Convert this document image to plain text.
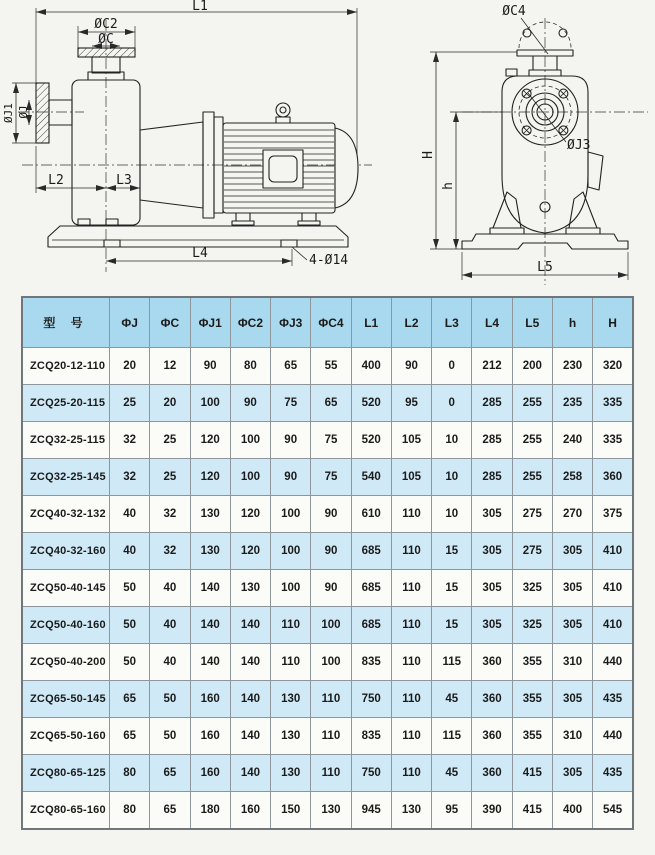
L1
ØC2
ØC
ØJ1 ØJ
L2	L3
L4	4-Ø14
ØC4
ØJ3
H
h
L5
型 号	ΦJ	ΦC	ΦJ1	ΦC2	ΦJ3	ΦC4	L1	L2	L3	L4	L5	h	H
ZCQ20-12-110	20	12	90	80	65	55	400	90	0	212	200	230	320
ZCQ25-20-115	25	20	100	90	75	65	520	95	0	285	255	235	335
ZCQ32-25-115	32	25	120	100	90	75	520	105	10	285	255	240	335
ZCQ32-25-145	32	25	120	100	90	75	540	105	10	285	255	258	360
ZCQ40-32-132	40	32	130	120	100	90	610	110	10	305	275	270	375
ZCQ40-32-160	40	32	130	120	100	90	685	110	15	305	275	305	410
ZCQ50-40-145	50	40	140	130	100	90	685	110	15	305	325	305	410
ZCQ50-40-160	50	40	140	140	110	100	685	110	15	305	325	305	410
ZCQ50-40-200	50	40	140	140	110	100	835	110	115	360	355	310	440
ZCQ65-50-145	65	50	160	140	130	110	750	110	45	360	355	305	435
ZCQ65-50-160	65	50	160	140	130	110	835	110	115	360	355	310	440
ZCQ80-65-125	80	65	160	140	130	110	750	110	45	360	415	305	435
ZCQ80-65-160	80	65	180	160	150	130	945	130	95	390	415	400	545
